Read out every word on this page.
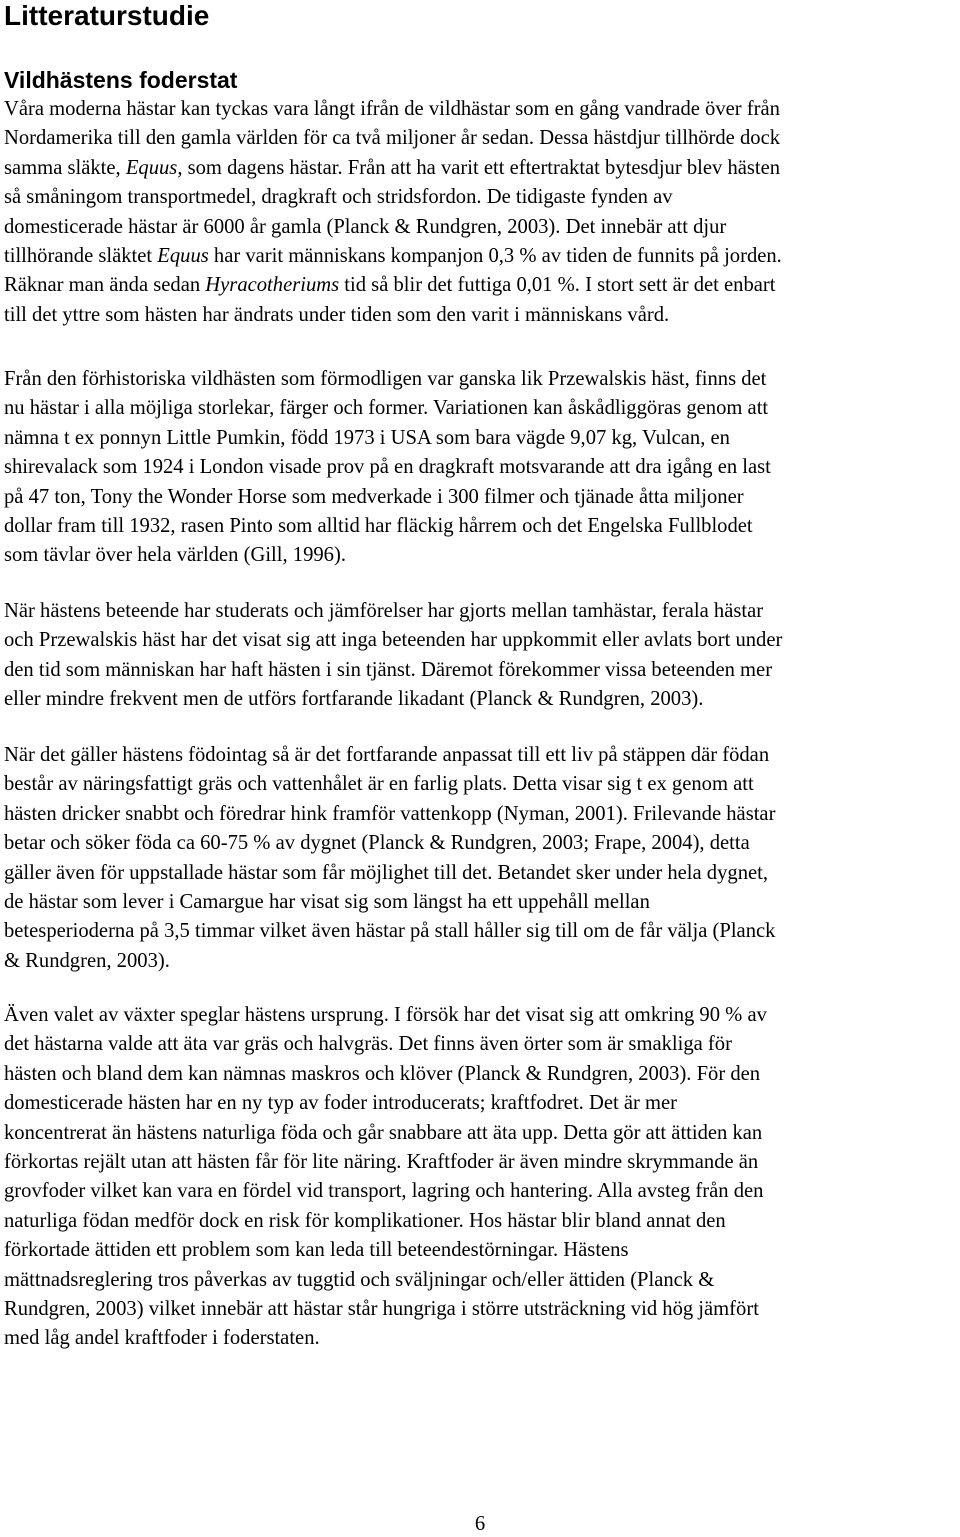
Litteraturstudie
Vildhästens foderstat

Våra moderna hästar kan tyckas vara långt ifrån de vildhästar som en gång vandrade över från
Nordamerika till den gamla världen för ca två miljoner år sedan. Dessa hästdjur tillhörde dock
samma släkte, Equus, som dagens hästar. Från att ha varit ett eftertraktat bytesdjur blev hästen
så småningom transportmedel, dragkraft och stridsfordon. De tidigaste fynden av
domesticerade hästar är 6000 år gamla (Planck & Rundgren, 2003). Det innebär att djur
tillhörande släktet Equus har varit människans kompanjon 0,3 % av tiden de funnits på jorden.
Räknar man ända sedan Hyracotheriums tid så blir det futtiga 0,01 %. I stort sett är det enbart
till det yttre som hästen har ändrats under tiden som den varit i människans vård.

Från den förhistoriska vildhästen som förmodligen var ganska lik Przewalskis häst, finns det
nu hästar i alla möjliga storlekar, färger och former. Variationen kan åskådliggöras genom att
nämna t ex ponnyn Little Pumkin, född 1973 i USA som bara vägde 9,07 kg, Vulcan, en
shirevalack som 1924 i London visade prov på en dragkraft motsvarande att dra igång en last
på 47 ton, Tony the Wonder Horse som medverkade i 300 filmer och tjänade åtta miljoner
dollar fram till 1932, rasen Pinto som alltid har fläckig hårrem och det Engelska Fullblodet
som tävlar över hela världen (Gill, 1996).

När hästens beteende har studerats och jämförelser har gjorts mellan tamhästar, ferala hästar
och Przewalskis häst har det visat sig att inga beteenden har uppkommit eller avlats bort under
den tid som människan har haft hästen i sin tjänst. Däremot förekommer vissa beteenden mer
eller mindre frekvent men de utförs fortfarande likadant (Planck & Rundgren, 2003).

När det gäller hästens födointag så är det fortfarande anpassat till ett liv på stäppen där födan
består av näringsfattigt gräs och vattenhålet är en farlig plats. Detta visar sig t ex genom att
hästen dricker snabbt och föredrar hink framför vattenkopp (Nyman, 2001). Frilevande hästar
betar och söker föda ca 60-75 % av dygnet (Planck & Rundgren, 2003; Frape, 2004), detta
gäller även för uppstallade hästar som får möjlighet till det. Betandet sker under hela dygnet,
de hästar som lever i Camargue har visat sig som längst ha ett uppehåll mellan
betesperioderna på 3,5 timmar vilket även hästar på stall håller sig till om de får välja (Planck
& Rundgren, 2003).

Även valet av växter speglar hästens ursprung. I försök har det visat sig att omkring 90 % av
det hästarna valde att äta var gräs och halvgräs. Det finns även örter som är smakliga för
hästen och bland dem kan nämnas maskros och klöver (Planck & Rundgren, 2003). För den
domesticerade hästen har en ny typ av foder introducerats; kraftfodret. Det är mer
koncentrerat än hästens naturliga föda och går snabbare att äta upp. Detta gör att ättiden kan
förkortas rejält utan att hästen får för lite näring. Kraftfoder är även mindre skrymmande än
grovfoder vilket kan vara en fördel vid transport, lagring och hantering. Alla avsteg från den
naturliga födan medför dock en risk för komplikationer. Hos hästar blir bland annat den
förkortade ättiden ett problem som kan leda till beteendestörningar. Hästens
mättnadsreglering tros påverkas av tuggtid och sväljningar och/eller ättiden (Planck &
Rundgren, 2003) vilket innebär att hästar står hungriga i större utsträckning vid hög jämfört
med låg andel kraftfoder i foderstaten.

6
